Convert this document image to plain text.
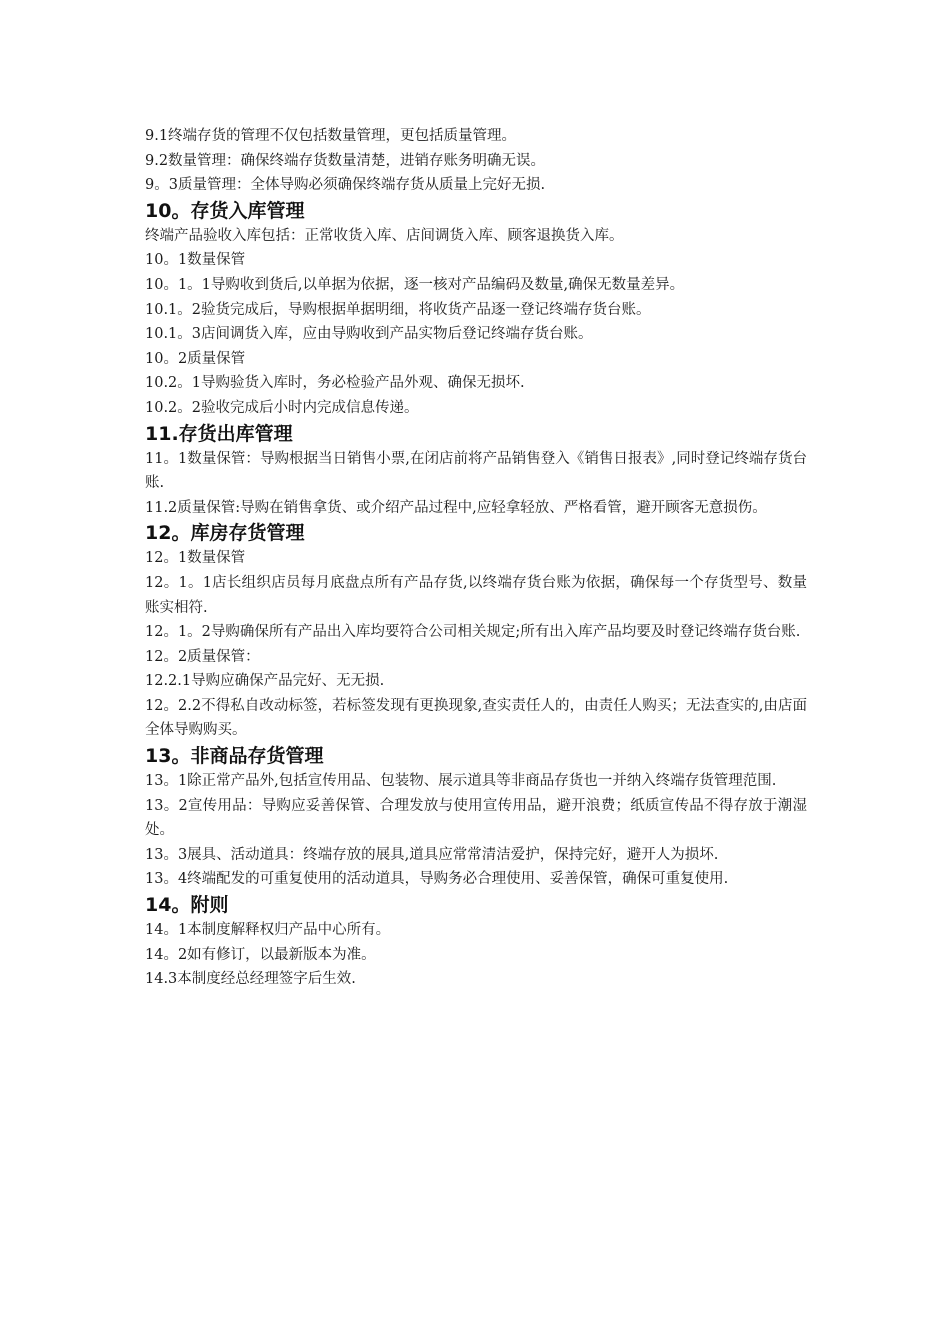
9.1终端存货的管理不仅包括数量管理，更包括质量管理。

9.2数量管理：确保终端存货数量清楚，进销存账务明确无误。

9。3质量管理：全体导购必须确保终端存货从质量上完好无损.

10。存货入库管理

终端产品验收入库包括：正常收货入库、店间调货入库、顾客退换货入库。

10。1数量保管

10。1。1导购收到货后,以单据为依据，逐一核对产品编码及数量,确保无数量差异。

10.1。2验货完成后，导购根据单据明细，将收货产品逐一登记终端存货台账。

10.1。3店间调货入库，应由导购收到产品实物后登记终端存货台账。

10。2质量保管

10.2。1导购验货入库时，务必检验产品外观、确保无损坏.

10.2。2验收完成后小时内完成信息传递。

11.存货出库管理

11。1数量保管：导购根据当日销售小票,在闭店前将产品销售登入《销售日报表》,同时登记终端存货台账.

11.2质量保管:导购在销售拿货、或介绍产品过程中,应轻拿轻放、严格看管，避开顾客无意损伤。

12。库房存货管理

12。1数量保管

12。1。1店长组织店员每月底盘点所有产品存货,以终端存货台账为依据，确保每一个存货型号、数量账实相符.

12。1。2导购确保所有产品出入库均要符合公司相关规定;所有出入库产品均要及时登记终端存货台账.

12。2质量保管：

12.2.1导购应确保产品完好、无无损.

12。2.2不得私自改动标签，若标签发现有更换现象,查实责任人的，由责任人购买；无法查实的,由店面全体导购购买。

13。非商品存货管理

13。1除正常产品外,包括宣传用品、包装物、展示道具等非商品存货也一并纳入终端存货管理范围.

13。2宣传用品：导购应妥善保管、合理发放与使用宣传用品，避开浪费；纸质宣传品不得存放于潮湿处。

13。3展具、活动道具：终端存放的展具,道具应常常清洁爱护，保持完好，避开人为损坏.

13。4终端配发的可重复使用的活动道具，导购务必合理使用、妥善保管，确保可重复使用.

14。附则

14。1本制度解释权归产品中心所有。

14。2如有修订，以最新版本为准。

14.3本制度经总经理签字后生效.
